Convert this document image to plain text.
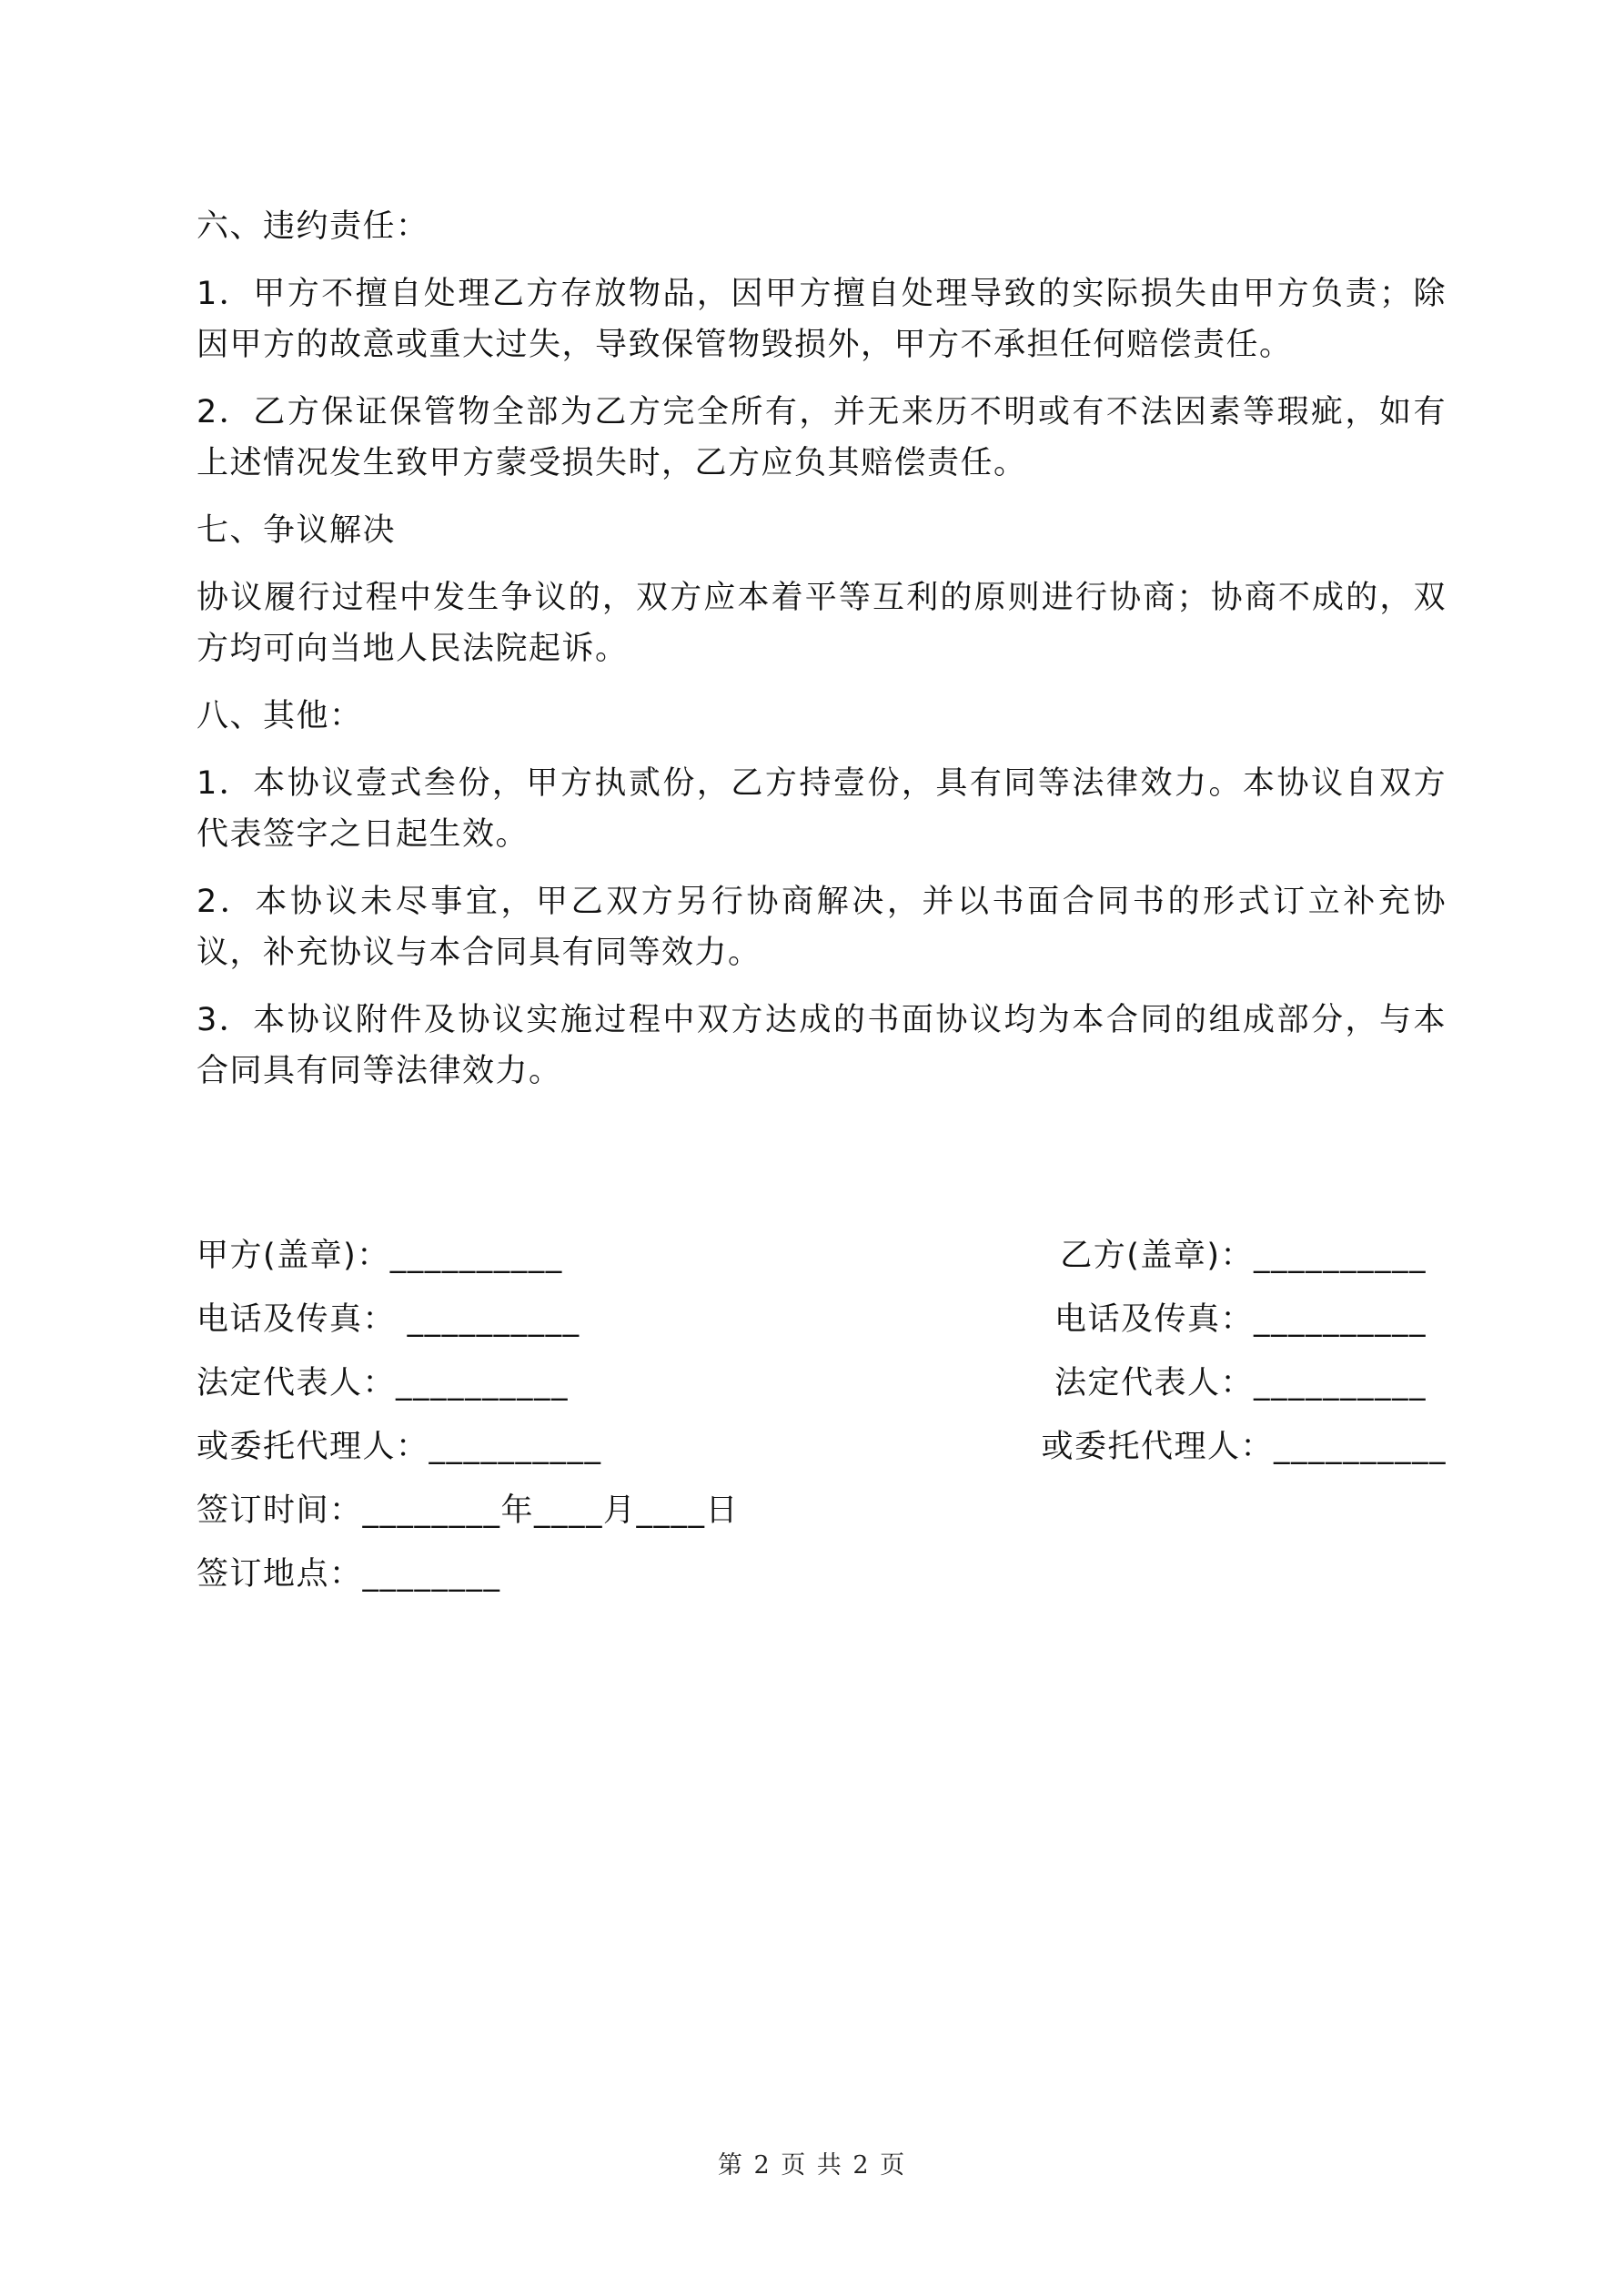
六、违约责任：
1．甲方不擅自处理乙方存放物品，因甲方擅自处理导致的实际损失由甲方负责；除因甲方的故意或重大过失，导致保管物毁损外，甲方不承担任何赔偿责任。
2．乙方保证保管物全部为乙方完全所有，并无来历不明或有不法因素等瑕疵，如有上述情况发生致甲方蒙受损失时，乙方应负其赔偿责任。
七、争议解决
协议履行过程中发生争议的，双方应本着平等互利的原则进行协商；协商不成的，双方均可向当地人民法院起诉。
八、其他：
1．本协议壹式叁份，甲方执贰份，乙方持壹份，具有同等法律效力。本协议自双方代表签字之日起生效。
2．本协议未尽事宜，甲乙双方另行协商解决，并以书面合同书的形式订立补充协议，补充协议与本合同具有同等效力。
3．本协议附件及协议实施过程中双方达成的书面协议均为本合同的组成部分，与本合同具有同等法律效力。
甲方(盖章)：__________	乙方(盖章)：__________
电话及传真： __________	电话及传真：__________
法定代表人：__________	法定代表人：__________
或委托代理人：__________	或委托代理人：__________
签订时间：________年____月____日
签订地点：________
第 2 页 共 2 页
